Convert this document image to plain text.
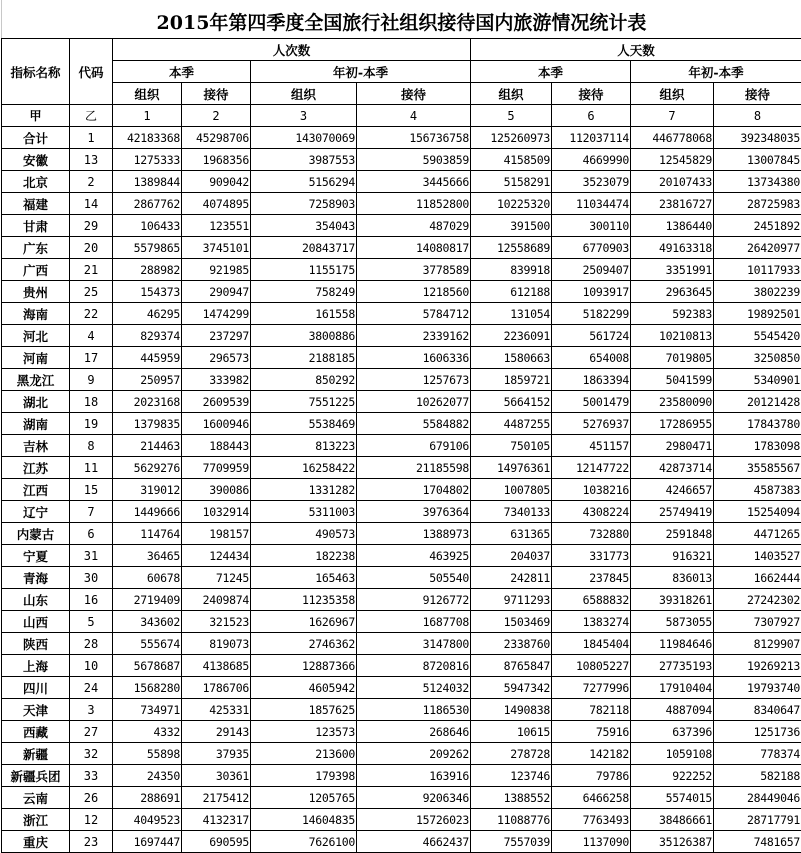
2015年第四季度全国旅行社组织接待国内旅游情况统计表
指标名称	代码	人次数				人天数			
		本季		年初-本季		本季		年初-本季	
		组织	接待	组织	接待	组织	接待	组织	接待
甲	乙	1	2	3	4	5	6	7	8
合计	1	42183368	45298706	143070069	156736758	125260973	112037114	446778068	392348035
安徽	13	1275333	1968356	3987553	5903859	4158509	4669990	12545829	13007845
北京	2	1389844	909042	5156294	3445666	5158291	3523079	20107433	13734380
福建	14	2867762	4074895	7258903	11852800	10225320	11034474	23816727	28725983
甘肃	29	106433	123551	354043	487029	391500	300110	1386440	2451892
广东	20	5579865	3745101	20843717	14080817	12558689	6770903	49163318	26420977
广西	21	288982	921985	1155175	3778589	839918	2509407	3351991	10117933
贵州	25	154373	290947	758249	1218560	612188	1093917	2963645	3802239
海南	22	46295	1474299	161558	5784712	131054	5182299	592383	19892501
河北	4	829374	237297	3800886	2339162	2236091	561724	10210813	5545420
河南	17	445959	296573	2188185	1606336	1580663	654008	7019805	3250850
黑龙江	9	250957	333982	850292	1257673	1859721	1863394	5041599	5340901
湖北	18	2023168	2609539	7551225	10262077	5664152	5001479	23580090	20121428
湖南	19	1379835	1600946	5538469	5584882	4487255	5276937	17286955	17843780
吉林	8	214463	188443	813223	679106	750105	451157	2980471	1783098
江苏	11	5629276	7709959	16258422	21185598	14976361	12147722	42873714	35585567
江西	15	319012	390086	1331282	1704802	1007805	1038216	4246657	4587383
辽宁	7	1449666	1032914	5311003	3976364	7340133	4308224	25749419	15254094
内蒙古	6	114764	198157	490573	1388973	631365	732880	2591848	4471265
宁夏	31	36465	124434	182238	463925	204037	331773	916321	1403527
青海	30	60678	71245	165463	505540	242811	237845	836013	1662444
山东	16	2719409	2409874	11235358	9126772	9711293	6588832	39318261	27242302
山西	5	343602	321523	1626967	1687708	1503469	1383274	5873055	7307927
陕西	28	555674	819073	2746362	3147800	2338760	1845404	11984646	8129907
上海	10	5678687	4138685	12887366	8720816	8765847	10805227	27735193	19269213
四川	24	1568280	1786706	4605942	5124032	5947342	7277996	17910404	19793740
天津	3	734971	425331	1857625	1186530	1490838	782118	4887094	8340647
西藏	27	4332	29143	123573	268646	10615	75916	637396	1251736
新疆	32	55898	37935	213600	209262	278728	142182	1059108	778374
新疆兵团	33	24350	30361	179398	163916	123746	79786	922252	582188
云南	26	288691	2175412	1205765	9206346	1388552	6466258	5574015	28449046
浙江	12	4049523	4132317	14604835	15726023	11088776	7763493	38486661	28717791
重庆	23	1697447	690595	7626100	4662437	7557039	1137090	35126387	7481657
